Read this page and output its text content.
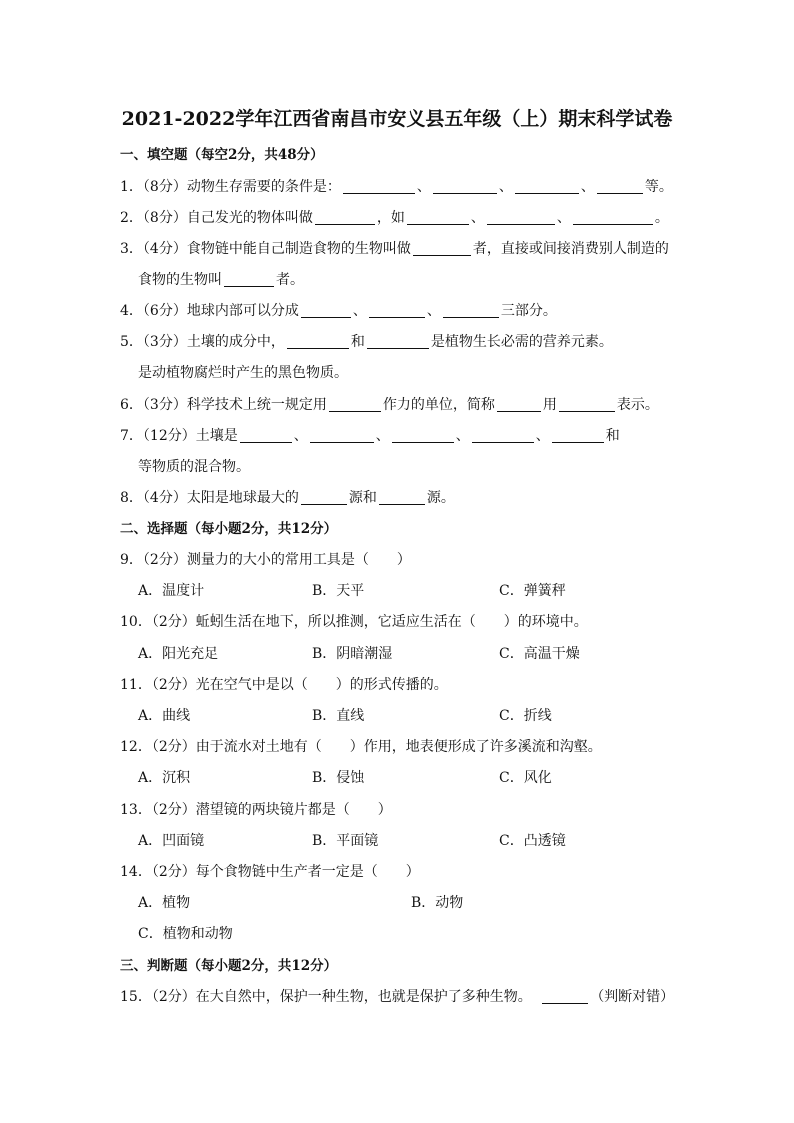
2021-2022学年江西省南昌市安义县五年级（上）期末科学试卷
一、填空题（每空2分，共48分）
1．（8分）动物生存需要的条件是：	、	、	、	等。
2．（8分）自己发光的物体叫做	，如	、	、	。
3．（4分）食物链中能自己制造食物的生物叫做	者，直接或间接消费别人制造的
食物的生物叫	者。
4．（6分）地球内部可以分成	、	、	三部分。
5．（3分）土壤的成分中，	和	是植物生长必需的营养元素。
是动植物腐烂时产生的黑色物质。
6．（3分）科学技术上统一规定用	作力的单位，简称	用	表示。
7．（12分）土壤是	、	、	、	、	和
等物质的混合物。
8．（4分）太阳是地球最大的	源和	源。
二、选择题（每小题2分，共12分）
9．（2分）测量力的大小的常用工具是（　　）
A．温度计	B．天平	C．弹簧秤
10．（2分）蚯蚓生活在地下，所以推测，它适应生活在（　　）的环境中。
A．阳光充足	B．阴暗潮湿	C．高温干燥
11．（2分）光在空气中是以（　　）的形式传播的。
A．曲线	B．直线	C．折线
12．（2分）由于流水对土地有（　　）作用，地表便形成了许多溪流和沟壑。
A．沉积	B．侵蚀	C．风化
13．（2分）潜望镜的两块镜片都是（　　）
A．凹面镜	B．平面镜	C．凸透镜
14．（2分）每个食物链中生产者一定是（　　）
A．植物	B．动物
C．植物和动物
三、判断题（每小题2分，共12分）
15．（2分）在大自然中，保护一种生物，也就是保护了多种生物。	（判断对错）
